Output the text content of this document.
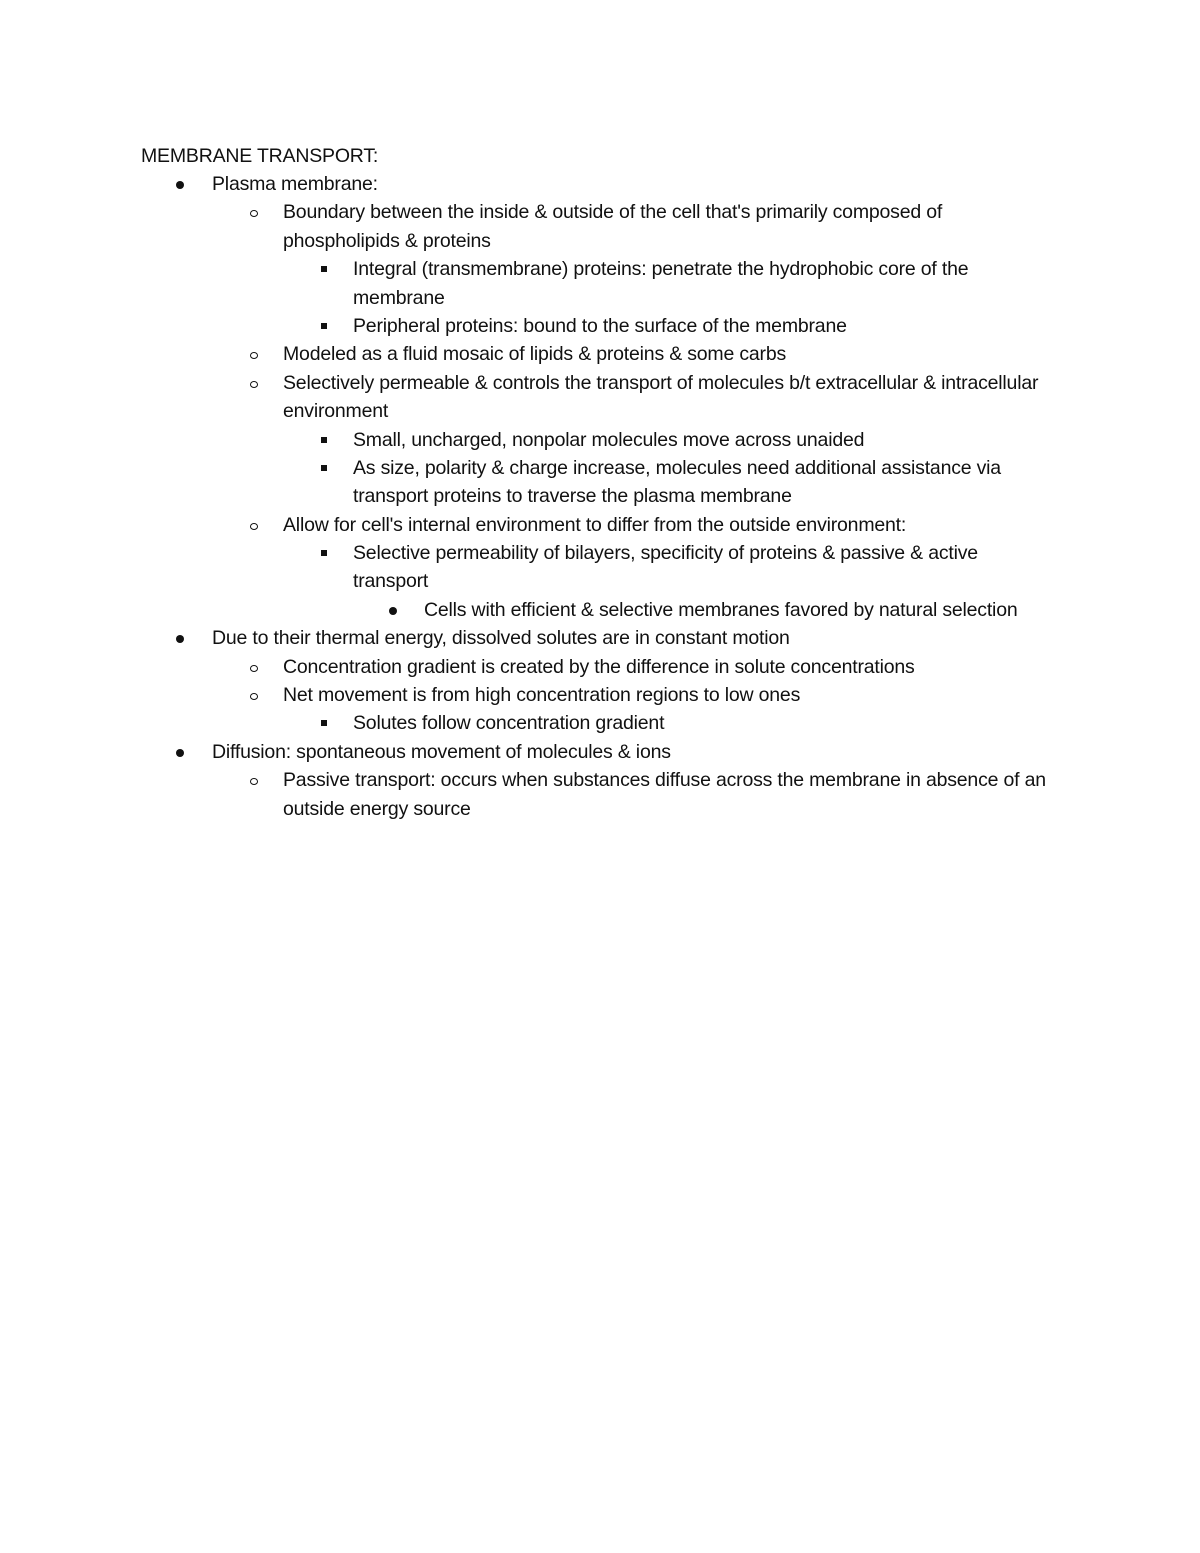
MEMBRANE TRANSPORT:
Plasma membrane:
Boundary between the inside & outside of the cell that's primarily composed of
phospholipids & proteins
Integral (transmembrane) proteins: penetrate the hydrophobic core of the
membrane
Peripheral proteins: bound to the surface of the membrane
Modeled as a fluid mosaic of lipids & proteins & some carbs
Selectively permeable & controls the transport of molecules b/t extracellular & intracellular
environment
Small, uncharged, nonpolar molecules move across unaided
As size, polarity & charge increase, molecules need additional assistance via
transport proteins to traverse the plasma membrane
Allow for cell's internal environment to differ from the outside environment:
Selective permeability of bilayers, specificity of proteins & passive & active
transport
Cells with efficient & selective membranes favored by natural selection
Due to their thermal energy, dissolved solutes are in constant motion
Concentration gradient is created by the difference in solute concentrations
Net movement is from high concentration regions to low ones
Solutes follow concentration gradient
Diffusion: spontaneous movement of molecules & ions
Passive transport: occurs when substances diffuse across the membrane in absence of an
outside energy source
